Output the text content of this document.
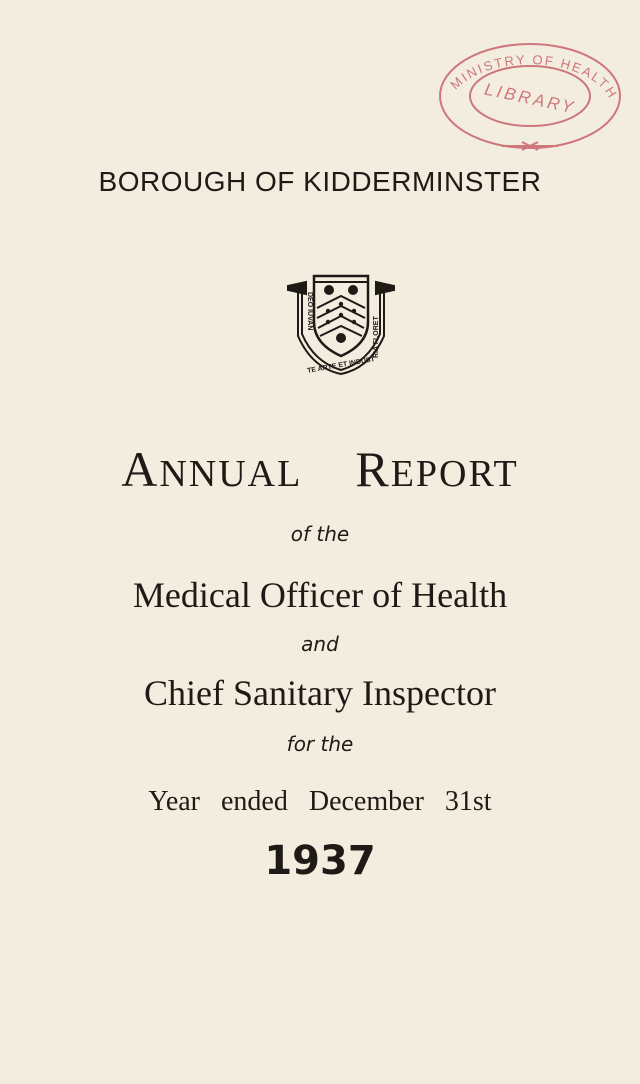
MINISTRY OF HEALTH
LIBRARY
BOROUGH OF KIDDERMINSTER
DEO IUVAN
RIA FLORET
TE ARTE ET INDUST
ANNUAL REPORT
of the
Medical Officer of Health
and
Chief Sanitary Inspector
for the
Year ended December 31st
1937
